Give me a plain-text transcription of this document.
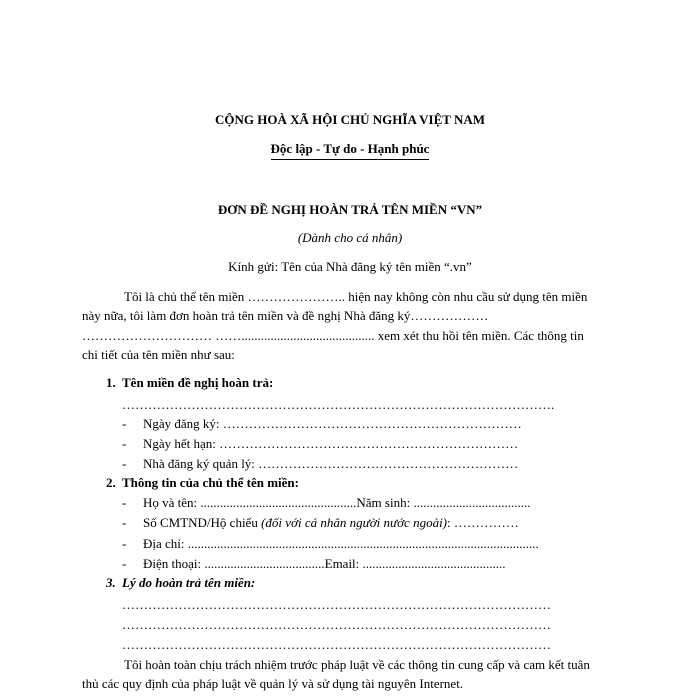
CỘNG HOÀ XÃ HỘI CHỦ NGHĨA VIỆT NAM
Độc lập - Tự do - Hạnh phúc
ĐƠN ĐỀ NGHỊ HOÀN TRẢ TÊN MIỀN “VN”
(Dành cho cá nhân)
Kính gửi: Tên của Nhà đăng ký tên miền “.vn”
Tôi là chủ thể tên miền ………………….. hiện nay không còn nhu cầu sử dụng tên miền
này nữa, tôi làm đơn hoàn trả tên miền và đề nghị Nhà đăng ký………………
………………………… ……......................................... xem xét thu hồi tên miền. Các thông tin
chi tiết của tên miền như sau:
1. Tên miền đề nghị hoàn trả:
……………………………………………………………………………………….
- Ngày đăng ký: ……………………………………………………………
- Ngày hết hạn: ……………………………………………………………
- Nhà đăng ký quản lý: ……………………………………………………
2. Thông tin của chủ thể tên miền:
- Họ và tên: ................................................Năm sinh: ....................................
- Số CMTND/Hộ chiếu (đối với cá nhân người nước ngoài): ……………
- Địa chỉ: ............................................................................................................
- Điện thoại: .....................................Email: ............................................
3. Lý do hoàn trả tên miền:
………………………………………………………………………………………
………………………………………………………………………………………
………………………………………………………………………………………
Tôi hoàn toàn chịu trách nhiệm trước pháp luật về các thông tin cung cấp và cam kết tuân
thủ các quy định của pháp luật về quản lý và sử dụng tài nguyên Internet.
